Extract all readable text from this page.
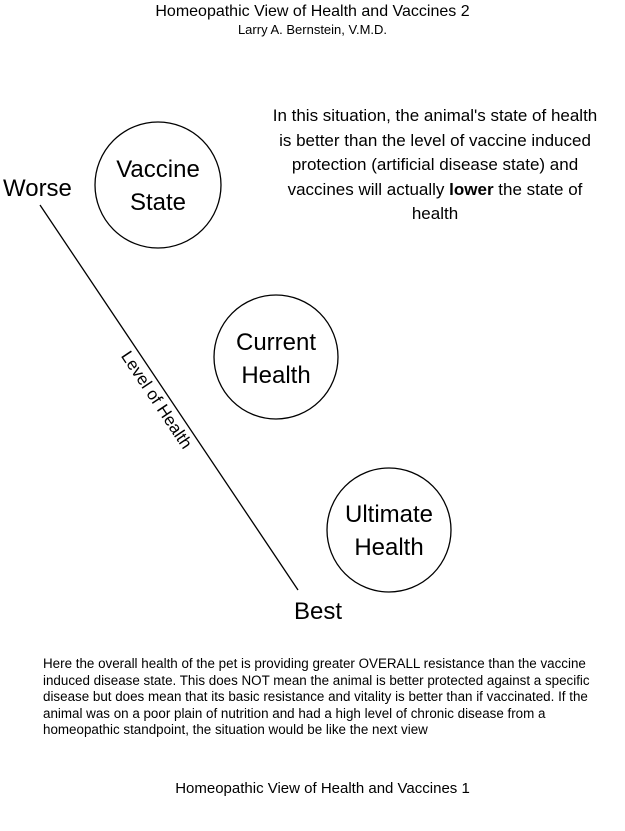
Homeopathic View of Health and Vaccines 2
Larry A. Bernstein, V.M.D.
Worse
Best
Level of Health
Vaccine
State
Current
Health
Ultimate
Health
In this situation, the animal's state of health is better than the level of vaccine induced protection (artificial disease state) and vaccines will actually lower the state of health
Here the overall health of the pet is providing greater OVERALL resistance than the vaccine induced disease state. This does NOT mean the animal is better protected against a specific disease but does mean that its basic resistance and vitality is better than if vaccinated. If the animal was on a poor plain of nutrition and had a high level of chronic disease from a homeopathic standpoint, the situation would be like the next view
Homeopathic View of Health and Vaccines 1
